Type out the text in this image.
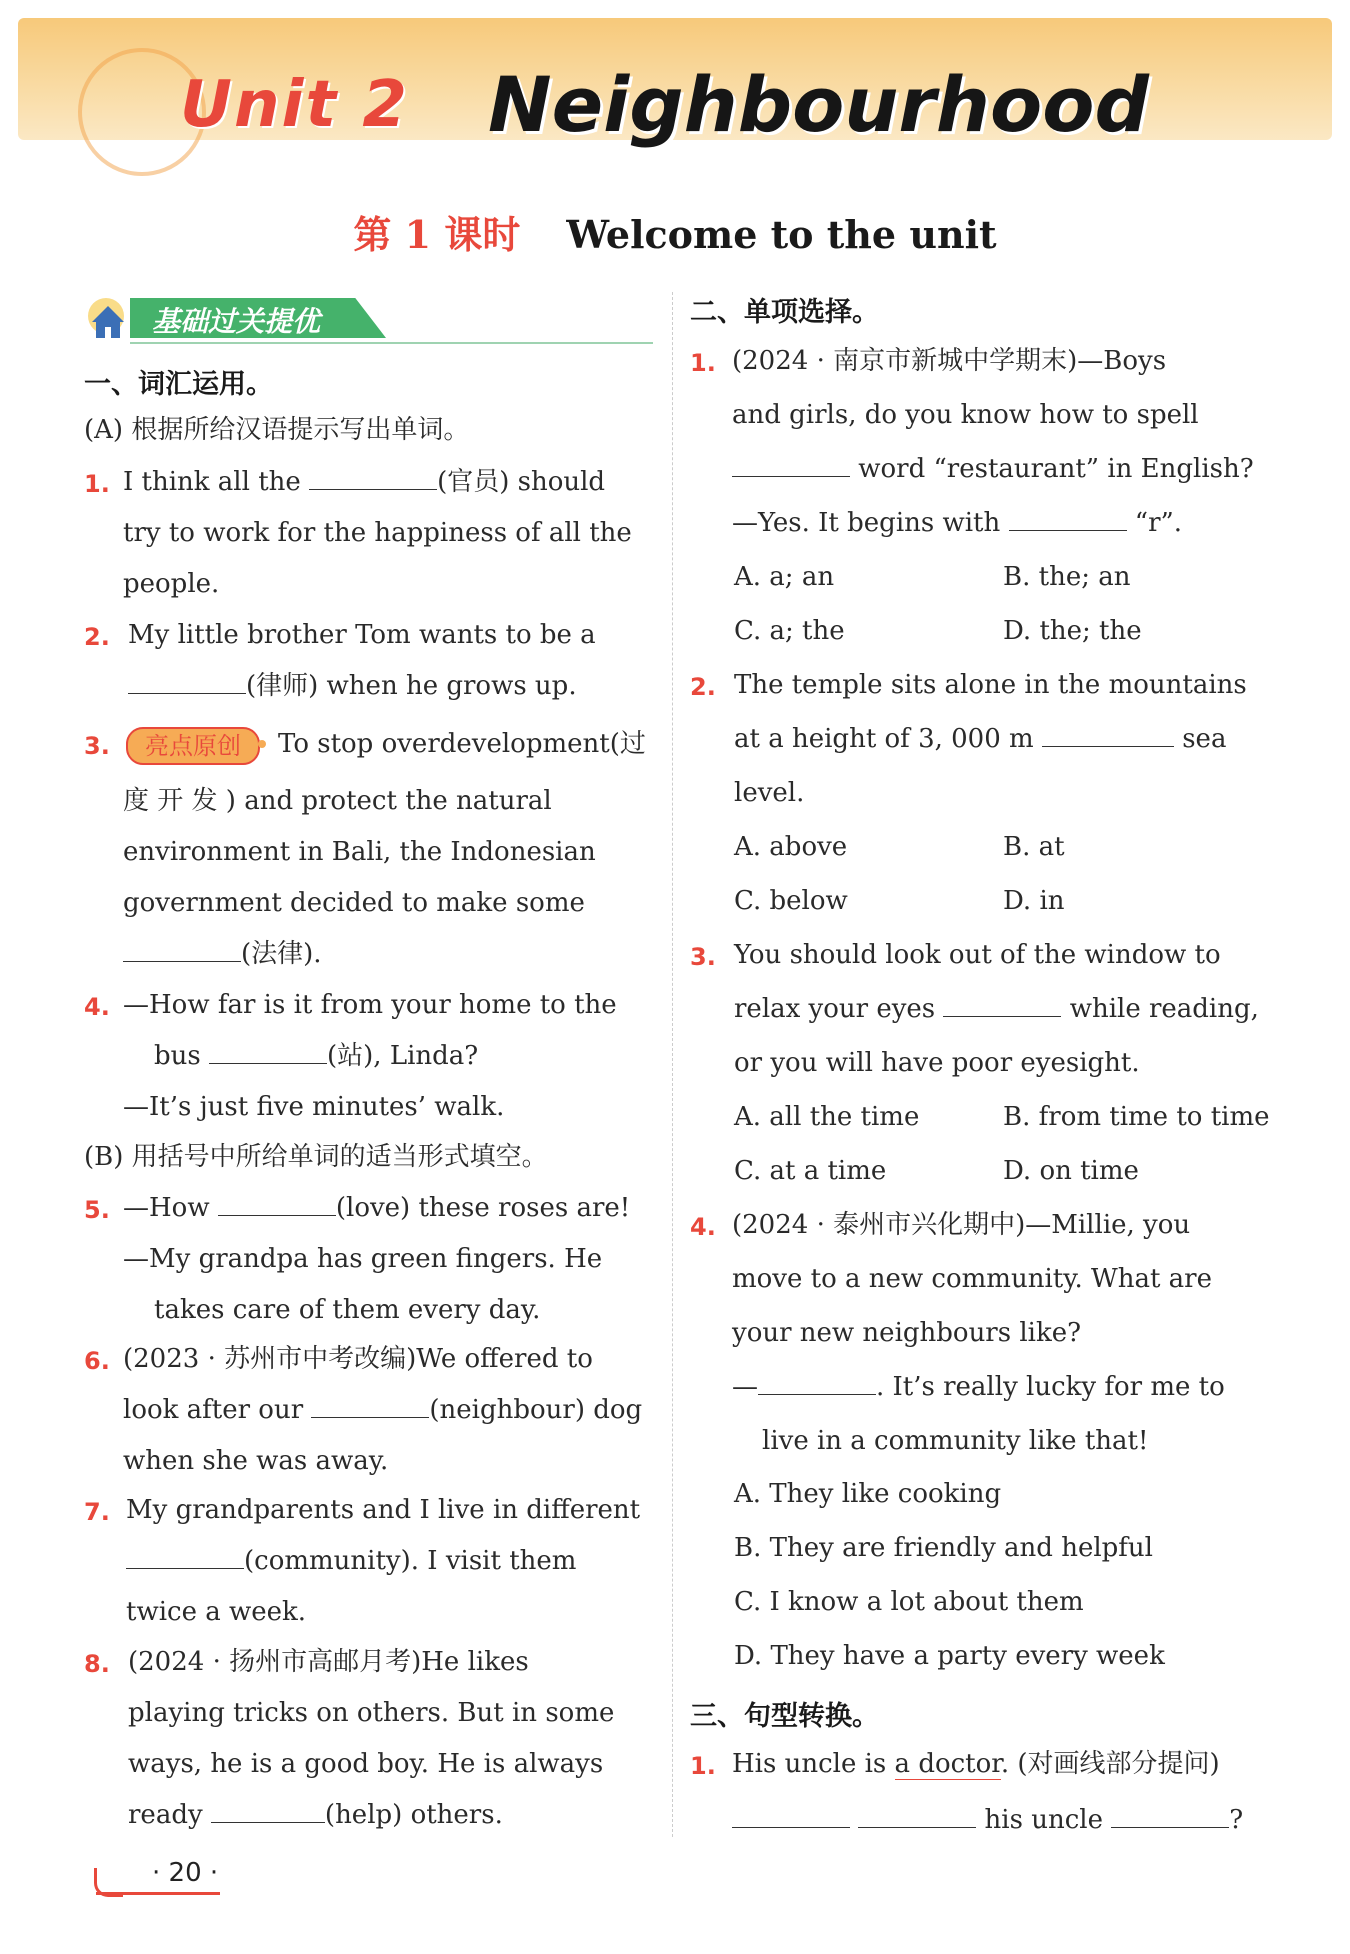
Unit 2 Neighbourhood
第 1 课时 Welcome to the unit
基础过关提优
一、词汇运用。
(A) 根据所给汉语提示写出单词。
1. I think all the	(官员) should
try to work for the happiness of all the
people.
2. My little brother Tom wants to be a
(律师) when he grows up.
3.	亮点原创	To stop overdevelopment(过
度 开 发 ) and protect the natural
environment in Bali, the Indonesian
government decided to make some
(法律).
4. —How far is it from your home to the
bus	(站), Linda?
—It’s just five minutes’ walk.
(B) 用括号中所给单词的适当形式填空。
5. —How	(love) these roses are!
—My grandpa has green fingers. He
takes care of them every day.
6. (2023 · 苏州市中考改编)We offered to
look after our	(neighbour) dog
when she was away.
7. My grandparents and I live in different
(community). I visit them
twice a week.
8. (2024 · 扬州市高邮月考)He likes
playing tricks on others. But in some
ways, he is a good boy. He is always
ready	(help) others.
二、单项选择。
1. (2024 · 南京市新城中学期末)—Boys
and girls, do you know how to spell
word “restaurant” in English?
—Yes. It begins with	“r”.
A. a; an	B. the; an
C. a; the	D. the; the
2. The temple sits alone in the mountains
at a height of 3, 000 m	sea
level.
A. above	B. at
C. below	D. in
3. You should look out of the window to
relax your eyes	while reading,
or you will have poor eyesight.
A. all the time	B. from time to time
C. at a time	D. on time
4. (2024 · 泰州市兴化期中)—Millie, you
move to a new community. What are
your new neighbours like?
—	. It’s really lucky for me to
live in a community like that!
A. They like cooking
B. They are friendly and helpful
C. I know a lot about them
D. They have a party every week
三、句型转换。
1. His uncle is a doctor. (对画线部分提问)
his uncle	?
· 20 ·
